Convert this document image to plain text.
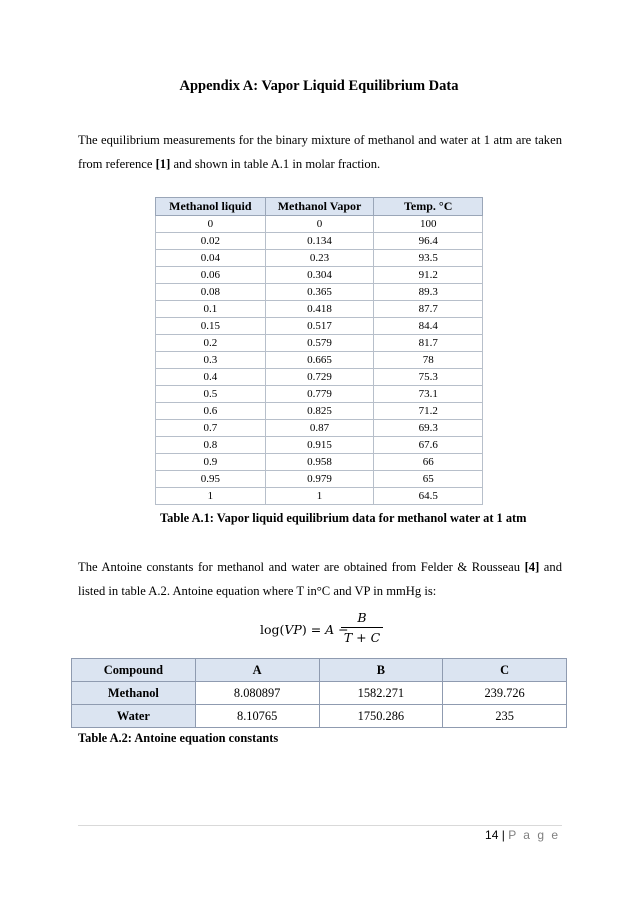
Appendix A: Vapor Liquid Equilibrium Data
The equilibrium measurements for the binary mixture of methanol and water at 1 atm are taken from reference [1] and shown in table A.1 in molar fraction.
Methanol liquid	Methanol Vapor	Temp. °C
0	0	100
0.02	0.134	96.4
0.04	0.23	93.5
0.06	0.304	91.2
0.08	0.365	89.3
0.1	0.418	87.7
0.15	0.517	84.4
0.2	0.579	81.7
0.3	0.665	78
0.4	0.729	75.3
0.5	0.779	73.1
0.6	0.825	71.2
0.7	0.87	69.3
0.8	0.915	67.6
0.9	0.958	66
0.95	0.979	65
1	1	64.5
Table A.1: Vapor liquid equilibrium data for methanol water at 1 atm
The Antoine constants for methanol and water are obtained from Felder & Rousseau [4] and listed in table A.2. Antoine equation where T in°C and VP in mmHg is:
log(VP) = A −
B
T + C
Compound	A	B	C
Methanol	8.080897	1582.271	239.726
Water	8.10765	1750.286	235
Table A.2: Antoine equation constants
14 | P a g e
